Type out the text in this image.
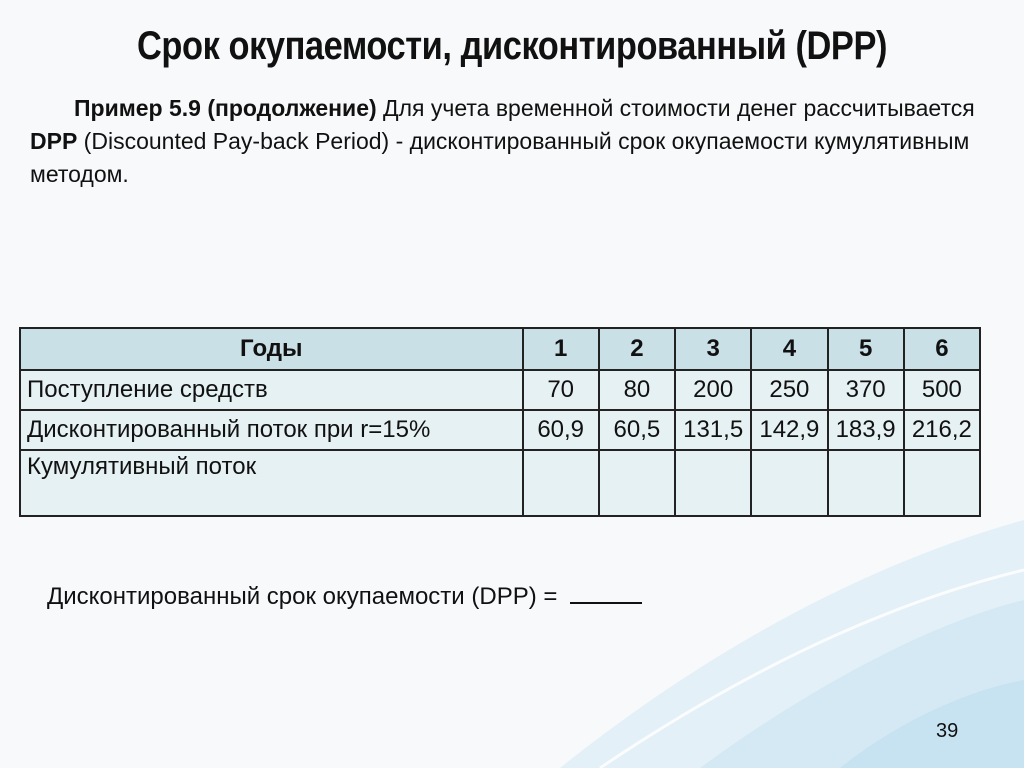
Срок окупаемости, дисконтированный (DPP)
Пример 5.9 (продолжение) Для учета временной стоимости денег рассчитывается DPP (Discounted Pay-back Period) - дисконтированный срок окупаемости кумулятивным методом.
Годы	1	2	3	4	5	6
Поступление средств	70	80	200	250	370	500
Дисконтированный поток при r=15%	60,9	60,5	131,5	142,9	183,9	216,2
Кумулятивный поток						
Дисконтированный срок окупаемости (DPP) =
39
